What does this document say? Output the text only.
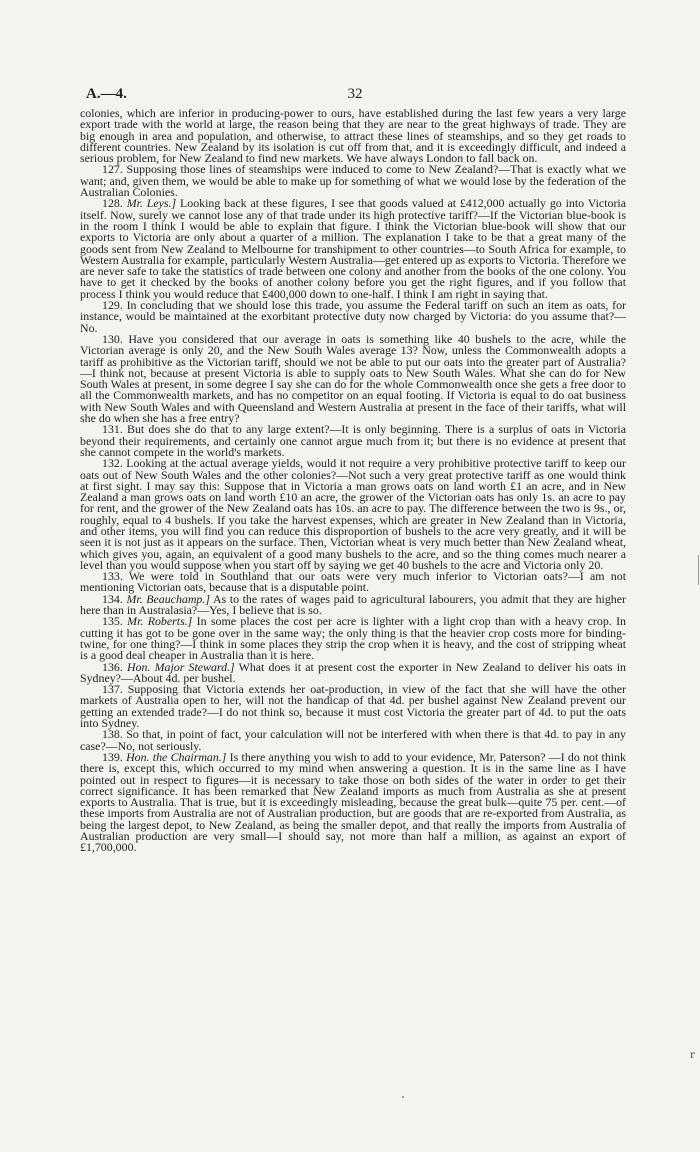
A.—4.	32

colonies, which are inferior in producing-power to ours, have established during the last few years a very large export trade with the world at large, the reason being that they are near to the great highways of trade. They are big enough in area and population, and otherwise, to attract these lines of steamships, and so they get roads to different countries. New Zealand by its isolation is cut off from that, and it is exceedingly difficult, and indeed a serious problem, for New Zealand to find new markets. We have always London to fall back on.

127. Supposing those lines of steamships were induced to come to New Zealand?—That is exactly what we want; and, given them, we would be able to make up for something of what we would lose by the federation of the Australian Colonies.

128. Mr. Leys.] Looking back at these figures, I see that goods valued at £412,000 actually go into Victoria itself. Now, surely we cannot lose any of that trade under its high protective tariff?—If the Victorian blue-book is in the room I think I would be able to explain that figure. I think the Victorian blue-book will show that our exports to Victoria are only about a quarter of a million. The explanation I take to be that a great many of the goods sent from New Zealand to Melbourne for transhipment to other countries—to South Africa for example, to Western Australia for example, particularly Western Australia—get entered up as exports to Victoria. Therefore we are never safe to take the statistics of trade between one colony and another from the books of the one colony. You have to get it checked by the books of another colony before you get the right figures, and if you follow that process I think you would reduce that £400,000 down to one-half. I think I am right in saying that.

129. In concluding that we should lose this trade, you assume the Federal tariff on such an item as oats, for instance, would be maintained at the exorbitant protective duty now charged by Victoria: do you assume that?—No.

130. Have you considered that our average in oats is something like 40 bushels to the acre, while the Victorian average is only 20, and the New South Wales average 13? Now, unless the Commonwealth adopts a tariff as prohibitive as the Victorian tariff, should we not be able to put our oats into the greater part of Australia?—I think not, because at present Victoria is able to supply oats to New South Wales. What she can do for New South Wales at present, in some degree I say she can do for the whole Commonwealth once she gets a free door to all the Commonwealth markets, and has no competitor on an equal footing. If Victoria is equal to do oat business with New South Wales and with Queensland and Western Australia at present in the face of their tariffs, what will she do when she has a free entry?

131. But does she do that to any large extent?—It is only beginning. There is a surplus of oats in Victoria beyond their requirements, and certainly one cannot argue much from it; but there is no evidence at present that she cannot compete in the world's markets.

132. Looking at the actual average yields, would it not require a very prohibitive protective tariff to keep our oats out of New South Wales and the other colonies?—Not such a very great protective tariff as one would think at first sight. I may say this: Suppose that in Victoria a man grows oats on land worth £1 an acre, and in New Zealand a man grows oats on land worth £10 an acre, the grower of the Victorian oats has only 1s. an acre to pay for rent, and the grower of the New Zealand oats has 10s. an acre to pay. The difference between the two is 9s., or, roughly, equal to 4 bushels. If you take the harvest expenses, which are greater in New Zealand than in Victoria, and other items, you will find you can reduce this disproportion of bushels to the acre very greatly, and it will be seen it is not just as it appears on the surface. Then, Victorian wheat is very much better than New Zealand wheat, which gives you, again, an equivalent of a good many bushels to the acre, and so the thing comes much nearer a level than you would suppose when you start off by saying we get 40 bushels to the acre and Victoria only 20.

133. We were told in Southland that our oats were very much inferior to Victorian oats?—I am not mentioning Victorian oats, because that is a disputable point.

134. Mr. Beauchamp.] As to the rates of wages paid to agricultural labourers, you admit that they are higher here than in Australasia?—Yes, I believe that is so.

135. Mr. Roberts.] In some places the cost per acre is lighter with a light crop than with a heavy crop. In cutting it has got to be gone over in the same way; the only thing is that the heavier crop costs more for binding-twine, for one thing?—I think in some places they strip the crop when it is heavy, and the cost of stripping wheat is a good deal cheaper in Australia than it is here.

136. Hon. Major Steward.] What does it at present cost the exporter in New Zealand to deliver his oats in Sydney?—About 4d. per bushel.

137. Supposing that Victoria extends her oat-production, in view of the fact that she will have the other markets of Australia open to her, will not the handicap of that 4d. per bushel against New Zealand prevent our getting an extended trade?—I do not think so, because it must cost Victoria the greater part of 4d. to put the oats into Sydney.

138. So that, in point of fact, your calculation will not be interfered with when there is that 4d. to pay in any case?—No, not seriously.

139. Hon. the Chairman.] Is there anything you wish to add to your evidence, Mr. Paterson? —I do not think there is, except this, which occurred to my mind when answering a question. It is in the same line as I have pointed out in respect to figures—it is necessary to take those on both sides of the water in order to get their correct significance. It has been remarked that New Zealand imports as much from Australia as she at present exports to Australia. That is true, but it is exceedingly misleading, because the great bulk—quite 75 per. cent.—of these imports from Australia are not of Australian production, but are goods that are re-exported from Australia, as being the largest depot, to New Zealand, as being the smaller depot, and that really the imports from Australia of Australian production are very small—I should say, not more than half a million, as against an export of £1,700,000.

r
